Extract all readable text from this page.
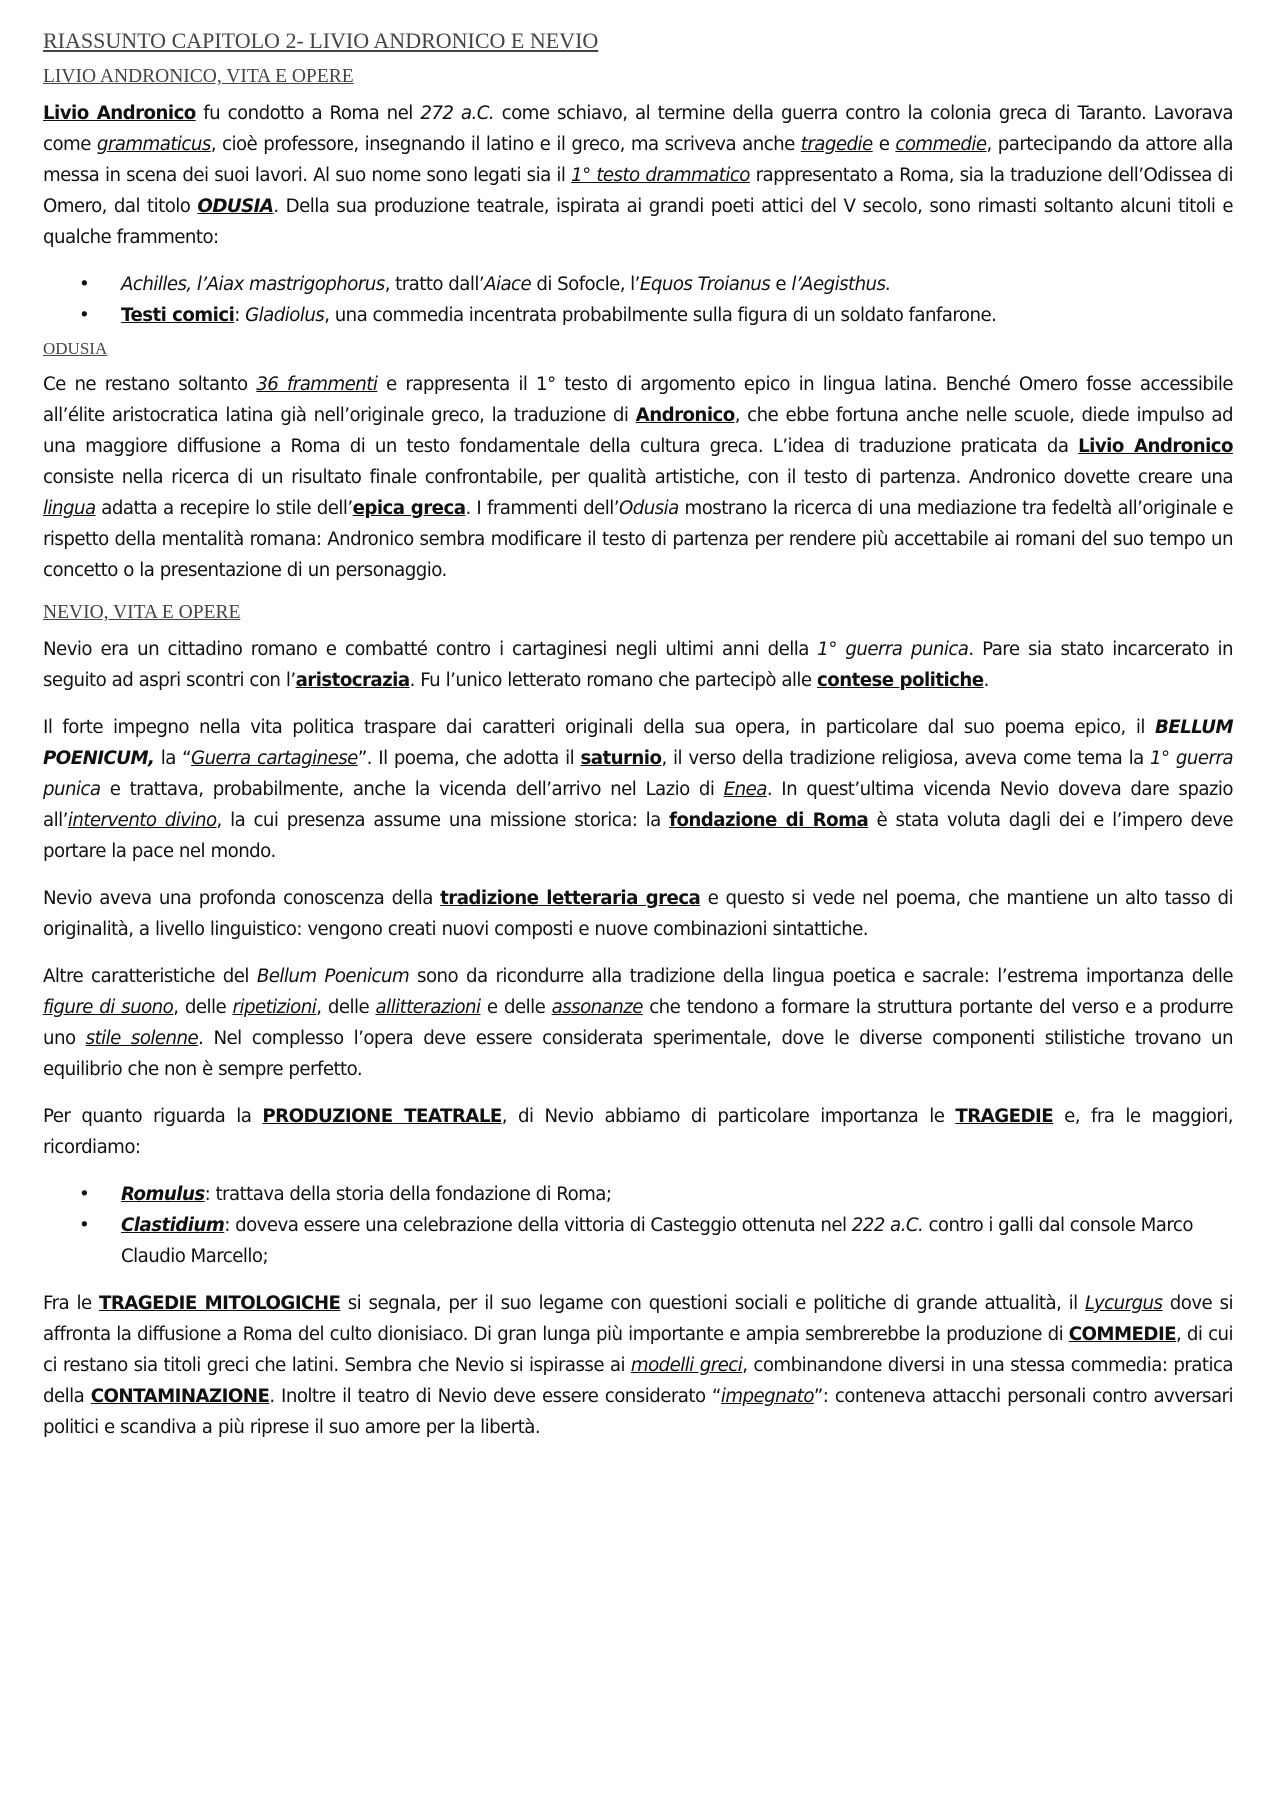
RIASSUNTO CAPITOLO 2- LIVIO ANDRONICO E NEVIO
LIVIO ANDRONICO, VITA E OPERE

Livio Andronico fu condotto a Roma nel 272 a.C. come schiavo, al termine della guerra contro la colonia greca di Taranto. Lavorava come grammaticus, cioè professore, insegnando il latino e il greco, ma scriveva anche tragedie e commedie, partecipando da attore alla messa in scena dei suoi lavori. Al suo nome sono legati sia il 1° testo drammatico rappresentato a Roma, sia la traduzione dell’Odissea di Omero, dal titolo ODUSIA. Della sua produzione teatrale, ispirata ai grandi poeti attici del V secolo, sono rimasti soltanto alcuni titoli e qualche frammento:

• Achilles, l’Aiax mastrigophorus, tratto dall’Aiace di Sofocle, l’Equos Troianus e l’Aegisthus.
• Testi comici: Gladiolus, una commedia incentrata probabilmente sulla figura di un soldato fanfarone.
ODUSIA

Ce ne restano soltanto 36 frammenti e rappresenta il 1° testo di argomento epico in lingua latina. Benché Omero fosse accessibile all’élite aristocratica latina già nell’originale greco, la traduzione di Andronico, che ebbe fortuna anche nelle scuole, diede impulso ad una maggiore diffusione a Roma di un testo fondamentale della cultura greca. L’idea di traduzione praticata da Livio Andronico consiste nella ricerca di un risultato finale confrontabile, per qualità artistiche, con il testo di partenza. Andronico dovette creare una lingua adatta a recepire lo stile dell’epica greca. I frammenti dell’Odusia mostrano la ricerca di una mediazione tra fedeltà all’originale e rispetto della mentalità romana: Andronico sembra modificare il testo di partenza per rendere più accettabile ai romani del suo tempo un concetto o la presentazione di un personaggio.

NEVIO, VITA E OPERE

Nevio era un cittadino romano e combatté contro i cartaginesi negli ultimi anni della 1° guerra punica. Pare sia stato incarcerato in seguito ad aspri scontri con l’aristocrazia. Fu l’unico letterato romano che partecipò alle contese politiche.

Il forte impegno nella vita politica traspare dai caratteri originali della sua opera, in particolare dal suo poema epico, il BELLUM POENICUM, la “Guerra cartaginese”. Il poema, che adotta il saturnio, il verso della tradizione religiosa, aveva come tema la 1° guerra punica e trattava, probabilmente, anche la vicenda dell’arrivo nel Lazio di Enea. In quest’ultima vicenda Nevio doveva dare spazio all’intervento divino, la cui presenza assume una missione storica: la fondazione di Roma è stata voluta dagli dei e l’impero deve portare la pace nel mondo.

Nevio aveva una profonda conoscenza della tradizione letteraria greca e questo si vede nel poema, che mantiene un alto tasso di originalità, a livello linguistico: vengono creati nuovi composti e nuove combinazioni sintattiche.

Altre caratteristiche del Bellum Poenicum sono da ricondurre alla tradizione della lingua poetica e sacrale: l’estrema importanza delle figure di suono, delle ripetizioni, delle allitterazioni e delle assonanze che tendono a formare la struttura portante del verso e a produrre uno stile solenne. Nel complesso l’opera deve essere considerata sperimentale, dove le diverse componenti stilistiche trovano un equilibrio che non è sempre perfetto.

Per quanto riguarda la PRODUZIONE TEATRALE, di Nevio abbiamo di particolare importanza le TRAGEDIE e, fra le maggiori, ricordiamo:

• Romulus: trattava della storia della fondazione di Roma;
• Clastidium: doveva essere una celebrazione della vittoria di Casteggio ottenuta nel 222 a.C. contro i galli dal console Marco Claudio Marcello;

Fra le TRAGEDIE MITOLOGICHE si segnala, per il suo legame con questioni sociali e politiche di grande attualità, il Lycurgus dove si affronta la diffusione a Roma del culto dionisiaco. Di gran lunga più importante e ampia sembrerebbe la produzione di COMMEDIE, di cui ci restano sia titoli greci che latini. Sembra che Nevio si ispirasse ai modelli greci, combinandone diversi in una stessa commedia: pratica della CONTAMINAZIONE. Inoltre il teatro di Nevio deve essere considerato “impegnato”: conteneva attacchi personali contro avversari politici e scandiva a più riprese il suo amore per la libertà.
